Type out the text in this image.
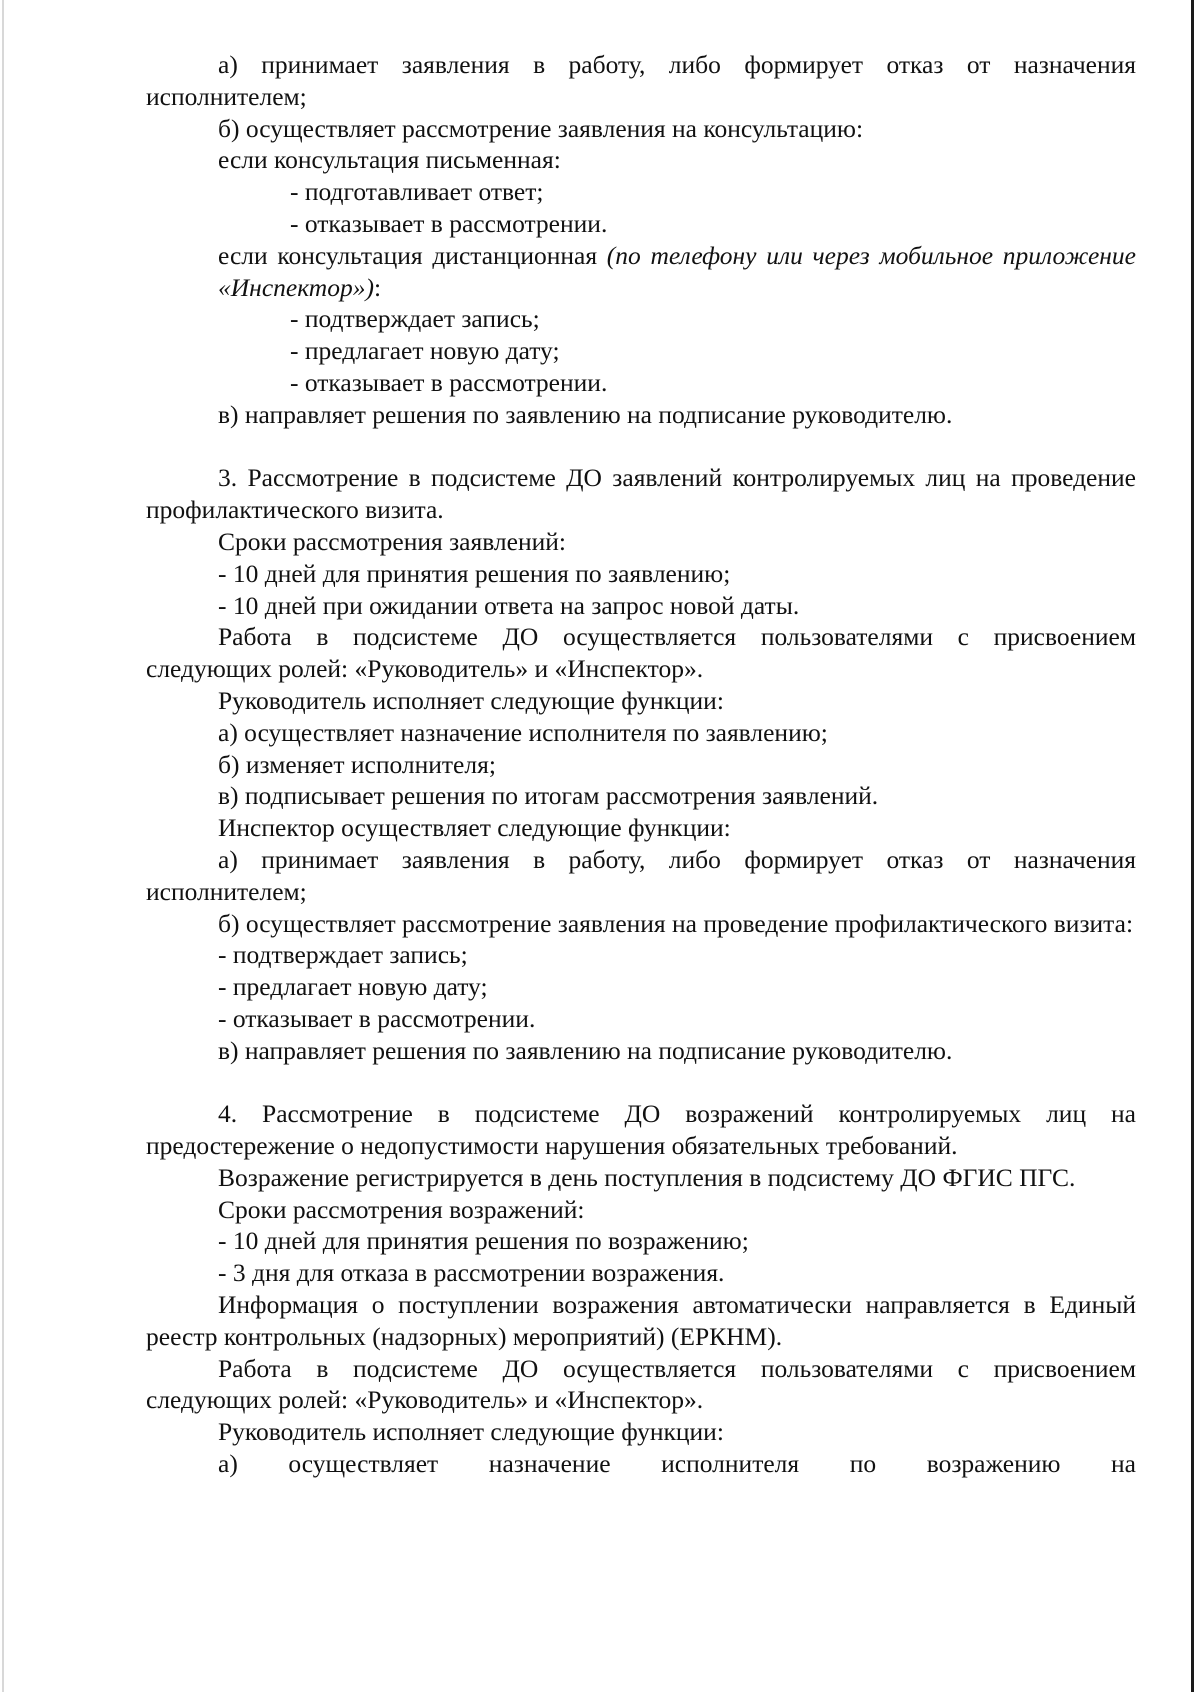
а) принимает заявления в работу, либо формирует отказ от назначения исполнителем;

б) осуществляет рассмотрение заявления на консультацию:

если консультация письменная:

- подготавливает ответ;

- отказывает в рассмотрении.

если консультация дистанционная (по телефону или через мобильное приложение «Инспектор»):

- подтверждает запись;

- предлагает новую дату;

- отказывает в рассмотрении.

в) направляет решения по заявлению на подписание руководителю.

3. Рассмотрение в подсистеме ДО заявлений контролируемых лиц на проведение профилактического визита.

Сроки рассмотрения заявлений:

- 10 дней для принятия решения по заявлению;

- 10 дней при ожидании ответа на запрос новой даты.

Работа в подсистеме ДО осуществляется пользователями с присвоением следующих ролей: «Руководитель» и «Инспектор».

Руководитель исполняет следующие функции:

а) осуществляет назначение исполнителя по заявлению;

б) изменяет исполнителя;

в) подписывает решения по итогам рассмотрения заявлений.

Инспектор осуществляет следующие функции:

а) принимает заявления в работу, либо формирует отказ от назначения исполнителем;

б) осуществляет рассмотрение заявления на проведение профилактического визита:

- подтверждает запись;

- предлагает новую дату;

- отказывает в рассмотрении.

в) направляет решения по заявлению на подписание руководителю.

4. Рассмотрение в подсистеме ДО возражений контролируемых лиц на предостережение о недопустимости нарушения обязательных требований.

Возражение регистрируется в день поступления в подсистему ДО ФГИС ПГС.

Сроки рассмотрения возражений:

- 10 дней для принятия решения по возражению;

- 3 дня для отказа в рассмотрении возражения.

Информация о поступлении возражения автоматически направляется в Единый реестр контрольных (надзорных) мероприятий) (ЕРКНМ).

Работа в подсистеме ДО осуществляется пользователями с присвоением следующих ролей: «Руководитель» и «Инспектор».

Руководитель исполняет следующие функции:

а) осуществляет назначение исполнителя по возражению на
